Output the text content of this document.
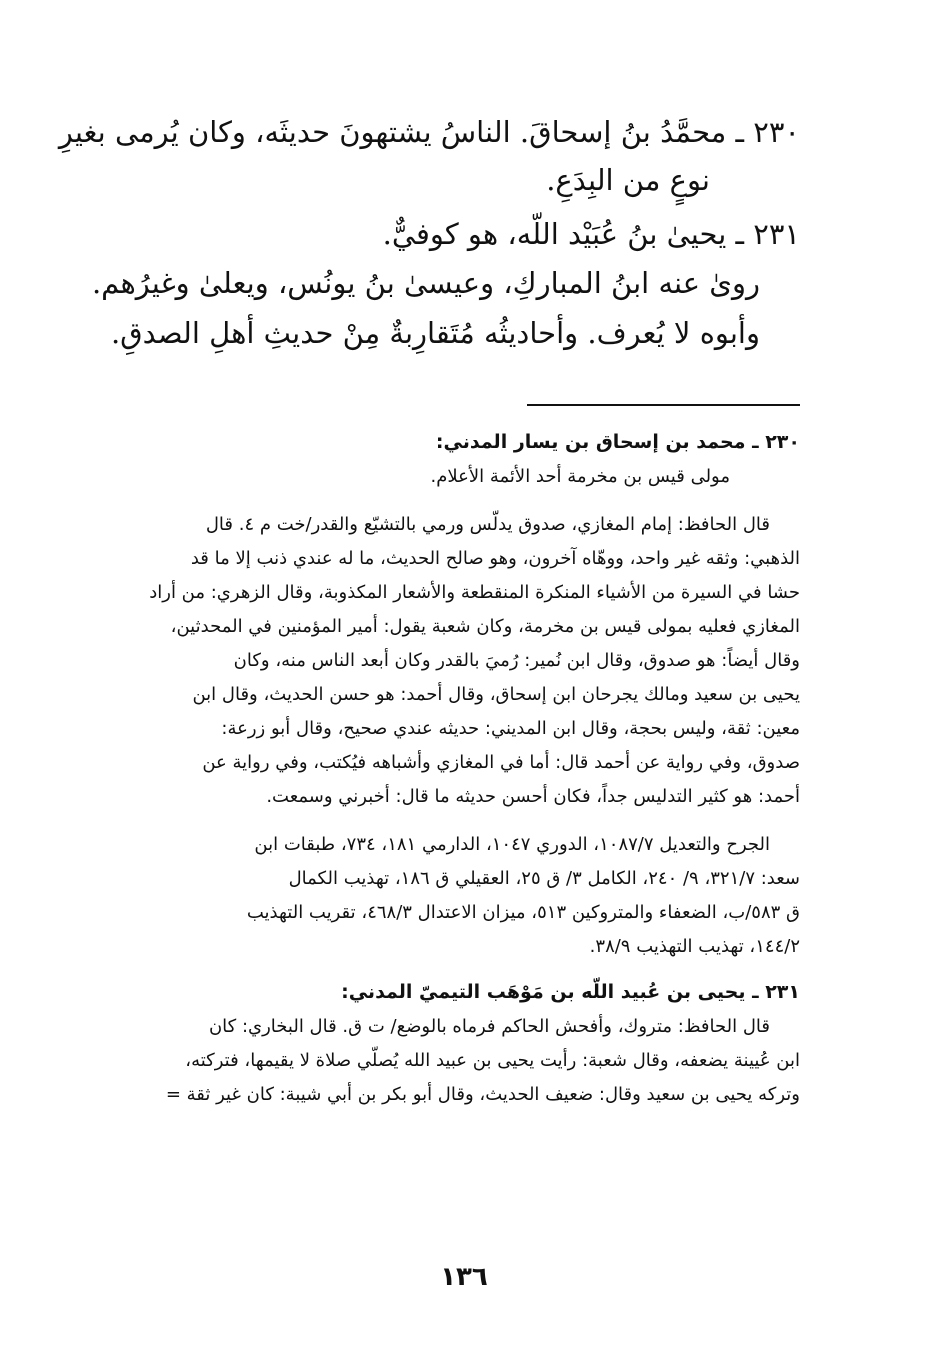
٢٣٠ ـ محمَّدُ بنُ إسحاقَ. الناسُ يشتهونَ حديثَه، وكان يُرمى بغيرِ
نوعٍ من البِدَعِ.
٢٣١ ـ يحيىٰ بنُ عُبَيْد اللّه، هو كوفيٌّ.
روىٰ عنه ابنُ المباركِ، وعيسىٰ بنُ يونُس، ويعلىٰ وغيرُهم.
وأبوه لا يُعرف. وأحاديثُه مُتَقارِبةٌ مِنْ حديثِ أهلِ الصدقِ.
٢٣٠ ـ محمد بن إسحاق بن يسار المدني:
مولى قيس بن مخرمة أحد الأئمة الأعلام.
قال الحافظ: إمام المغازي، صدوق يدلّس ورمي بالتشيّع والقدر/خت م ٤. قال
الذهبي: وثقه غير واحد، ووهّاه آخرون، وهو صالح الحديث، ما له عندي ذنب إلا ما قد
حشا في السيرة من الأشياء المنكرة المنقطعة والأشعار المكذوبة، وقال الزهري: من أراد
المغازي فعليه بمولى قيس بن مخرمة، وكان شعبة يقول: أمير المؤمنين في المحدثين،
وقال أيضاً: هو صدوق، وقال ابن نُمير: رُميَ بالقدر وكان أبعد الناس منه، وكان
يحيى بن سعيد ومالك يجرحان ابن إسحاق، وقال أحمد: هو حسن الحديث، وقال ابن
معين: ثقة، وليس بحجة، وقال ابن المديني: حديثه عندي صحيح، وقال أبو زرعة:
صدوق، وفي رواية عن أحمد قال: أما في المغازي وأشباهه فيُكتب، وفي رواية عن
أحمد: هو كثير التدليس جداً، فكان أحسن حديثه ما قال: أخبرني وسمعت.
الجرح والتعديل ١٠٨٧/٧، الدوري ١٠٤٧، الدارمي ١٨١، ٧٣٤، طبقات ابن
سعد: ٣٢١/٧، ٩/ ٢٤٠، الكامل ٣/ ق ٢٥، العقيلي ق ١٨٦، تهذيب الكمال
ق ٥٨٣/ب، الضعفاء والمتروكين ٥١٣، ميزان الاعتدال ٤٦٨/٣، تقريب التهذيب
١٤٤/٢، تهذيب التهذيب ٣٨/٩.
٢٣١ ـ يحيى بن عُبيد اللّه بن مَوْهَب التيميّ المدني:
قال الحافظ: متروك، وأفحش الحاكم فرماه بالوضع/ ت ق. قال البخاري: كان
ابن عُيينة يضعفه، وقال شعبة: رأيت يحيى بن عبيد الله يُصلّي صلاة لا يقيمها، فتركته،
وتركه يحيى بن سعيد وقال: ضعيف الحديث، وقال أبو بكر بن أبي شيبة: كان غير ثقة =
١٣٦
